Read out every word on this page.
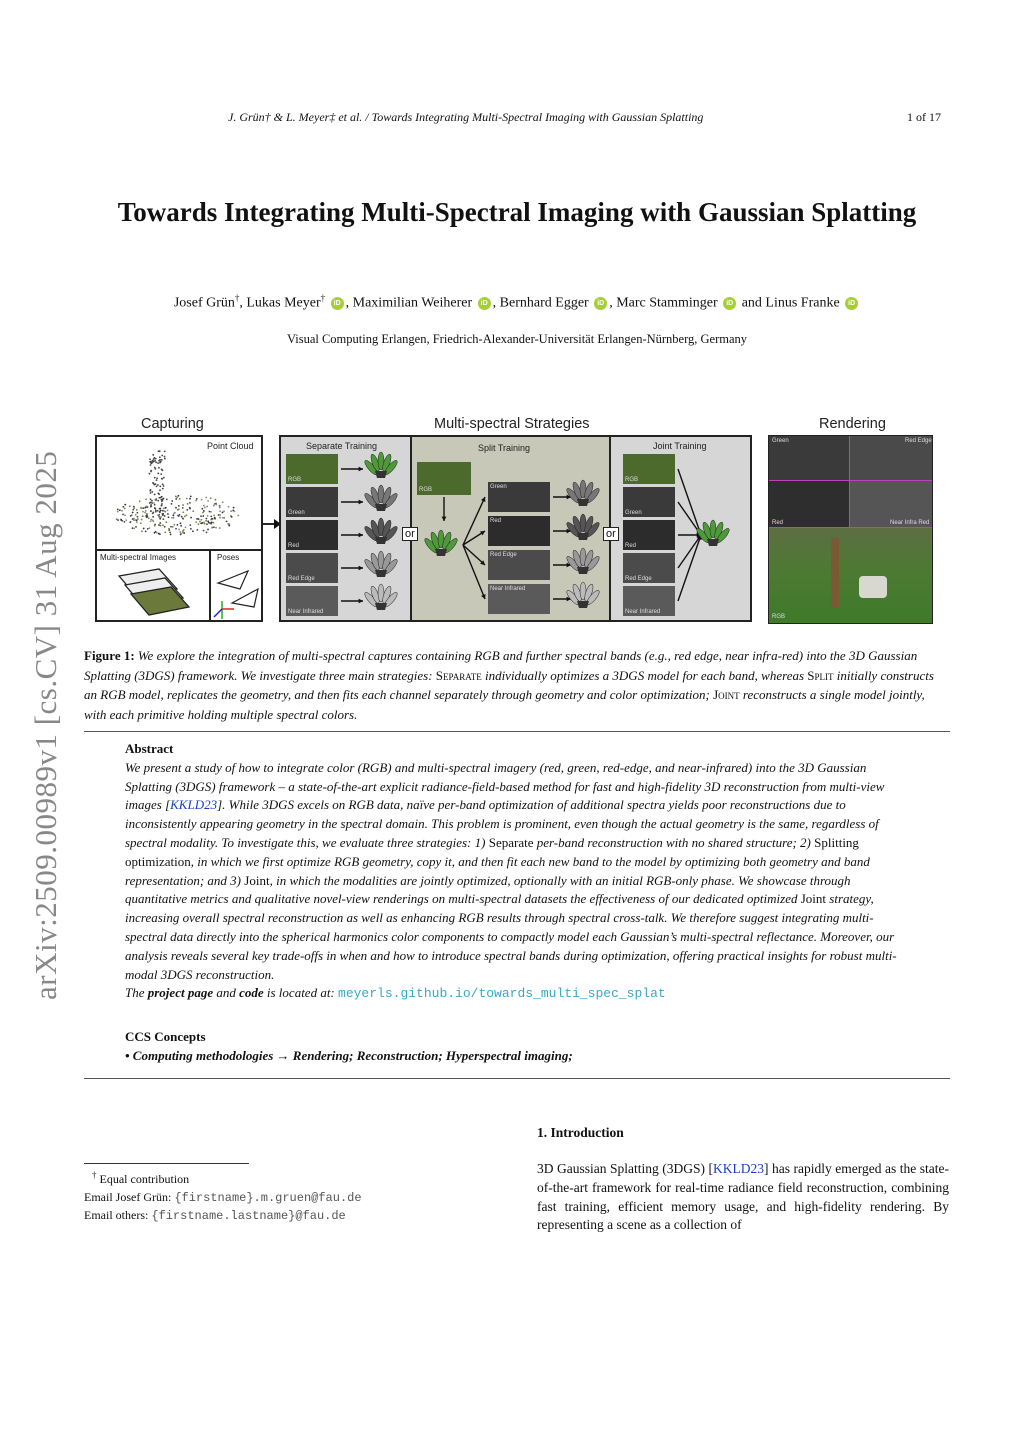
J. Grün† & L. Meyer‡ et al. / Towards Integrating Multi-Spectral Imaging with Gaussian Splatting	1 of 17
arXiv:2509.00989v1 [cs.CV] 31 Aug 2025
Towards Integrating Multi-Spectral Imaging with Gaussian Splatting
Josef Grün†, Lukas Meyer† iD , Maximilian Weiherer iD , Bernhard Egger iD , Marc Stamminger iD and Linus Franke iD
Visual Computing Erlangen, Friedrich-Alexander-Universität Erlangen-Nürnberg, Germany
Capturing	Multi-spectral Strategies	Rendering
Point Cloud
Multi-spectral Images	Poses
Separate Training	Split Training	Joint Training
RGB
Green
Red
Red Edge
Near Infrared
RGB
Green
Red
Red Edge
Near Infrared
Green
Red
Red Edge
Near Infrared
RGB
or	or
Green	Red Edge
Red	Near Infra Red
RGB
Figure 1: We explore the integration of multi-spectral captures containing RGB and further spectral bands (e.g., red edge, near infra-red) into the 3D Gaussian Splatting (3DGS) framework. We investigate three main strategies: Separate individually optimizes a 3DGS model for each band, whereas Split initially constructs an RGB model, replicates the geometry, and then fits each channel separately through geometry and color optimization; Joint reconstructs a single model jointly, with each primitive holding multiple spectral colors.
Abstract
We present a study of how to integrate color (RGB) and multi-spectral imagery (red, green, red-edge, and near-infrared) into the 3D Gaussian Splatting (3DGS) framework – a state-of-the-art explicit radiance-field-based method for fast and high-fidelity 3D reconstruction from multi-view images [KKLD23]. While 3DGS excels on RGB data, naïve per-band optimization of additional spectra yields poor reconstructions due to inconsistently appearing geometry in the spectral domain. This problem is prominent, even though the actual geometry is the same, regardless of spectral modality. To investigate this, we evaluate three strategies: 1) Separate per-band reconstruction with no shared structure; 2) Splitting optimization, in which we first optimize RGB geometry, copy it, and then fit each new band to the model by optimizing both geometry and band representation; and 3) Joint, in which the modalities are jointly optimized, optionally with an initial RGB-only phase. We showcase through quantitative metrics and qualitative novel-view renderings on multi-spectral datasets the effectiveness of our dedicated optimized Joint strategy, increasing overall spectral reconstruction as well as enhancing RGB results through spectral cross-talk. We therefore suggest integrating multi-spectral data directly into the spherical harmonics color components to compactly model each Gaussian’s multi-spectral reflectance. Moreover, our analysis reveals several key trade-offs in when and how to introduce spectral bands during optimization, offering practical insights for robust multi-modal 3DGS reconstruction.
The project page and code is located at: meyerls.github.io/towards_multi_spec_splat
CCS Concepts
• Computing methodologies → Rendering; Reconstruction; Hyperspectral imaging;
† Equal contribution
Email Josef Grün: {firstname}.m.gruen@fau.de
Email others: {firstname.lastname}@fau.de
1. Introduction
3D Gaussian Splatting (3DGS) [KKLD23] has rapidly emerged as the state-of-the-art framework for real-time radiance field reconstruction, combining fast training, efficient memory usage, and high-fidelity rendering. By representing a scene as a collection of
